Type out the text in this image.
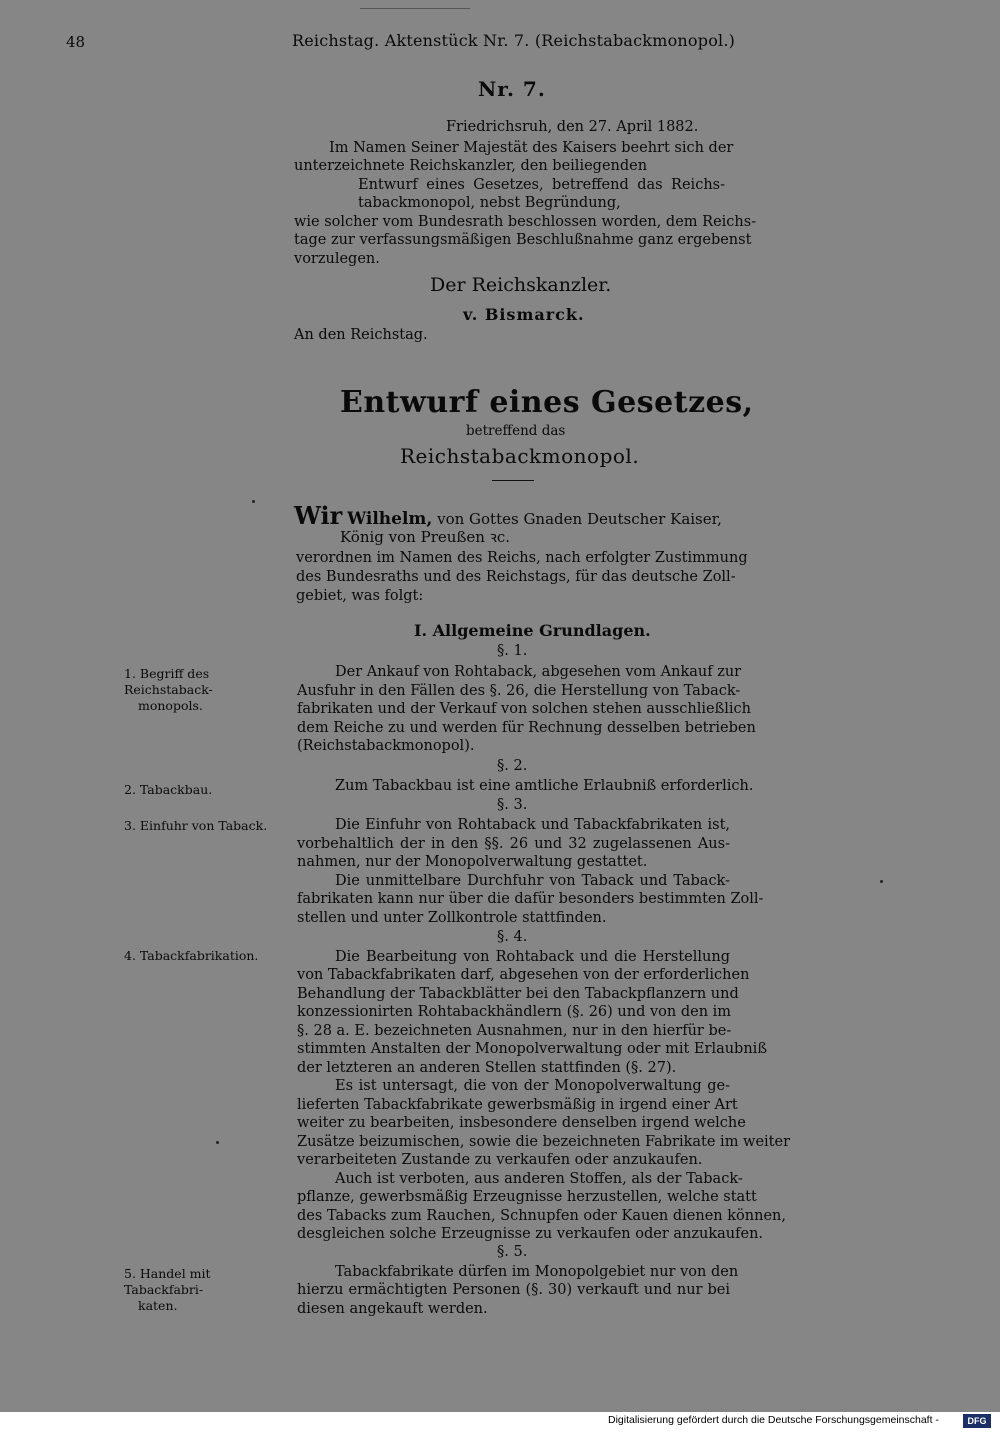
48	Reichstag. Aktenstück Nr. 7. (Reichstabackmonopol.)
Nr. 7.
Friedrichsruh, den 27. April 1882.
Im Namen Seiner Majestät des Kaisers beehrt sich der
unterzeichnete Reichskanzler, den beiliegenden
Entwurf eines Gesetzes, betreffend das Reichs-
tabackmonopol, nebst Begründung,
wie solcher vom Bundesrath beschlossen worden, dem Reichs-
tage zur verfassungsmäßigen Beschlußnahme ganz ergebenst
vorzulegen.
Der Reichskanzler.
v. Bismarck.
An den Reichstag.
Entwurf eines Gesetzes,
betreffend das
Reichstabackmonopol.
Wir Wilhelm, von Gottes Gnaden Deutscher Kaiser,
König von Preußen ꝛc.
verordnen im Namen des Reichs, nach erfolgter Zustimmung
des Bundesraths und des Reichstags, für das deutsche Zoll-
gebiet, was folgt:
I. Allgemeine Grundlagen.
§. 1.
1. Begriff des Reichstaback-
monopols.
Der Ankauf von Rohtaback, abgesehen vom Ankauf zur
Ausfuhr in den Fällen des §. 26, die Herstellung von Taback-
fabrikaten und der Verkauf von solchen stehen ausschließlich
dem Reiche zu und werden für Rechnung desselben betrieben
(Reichstabackmonopol).
§. 2.
2. Tabackbau.	Zum Tabackbau ist eine amtliche Erlaubniß erforderlich.
§. 3.
3. Einfuhr von Taback.	Die Einfuhr von Rohtaback und Tabackfabrikaten ist,
vorbehaltlich der in den §§. 26 und 32 zugelassenen Aus-
nahmen, nur der Monopolverwaltung gestattet.
Die unmittelbare Durchfuhr von Taback und Taback-
fabrikaten kann nur über die dafür besonders bestimmten Zoll-
stellen und unter Zollkontrole stattfinden.
§. 4.
4. Tabackfabrikation.	Die Bearbeitung von Rohtaback und die Herstellung
von Tabackfabrikaten darf, abgesehen von der erforderlichen
Behandlung der Tabackblätter bei den Tabackpflanzern und
konzessionirten Rohtabackhändlern (§. 26) und von den im
§. 28 a. E. bezeichneten Ausnahmen, nur in den hierfür be-
stimmten Anstalten der Monopolverwaltung oder mit Erlaubniß
der letzteren an anderen Stellen stattfinden (§. 27).
Es ist untersagt, die von der Monopolverwaltung ge-
lieferten Tabackfabrikate gewerbsmäßig in irgend einer Art
weiter zu bearbeiten, insbesondere denselben irgend welche
Zusätze beizumischen, sowie die bezeichneten Fabrikate im weiter
verarbeiteten Zustande zu verkaufen oder anzukaufen.
Auch ist verboten, aus anderen Stoffen, als der Taback-
pflanze, gewerbsmäßig Erzeugnisse herzustellen, welche statt
des Tabacks zum Rauchen, Schnupfen oder Kauen dienen können,
desgleichen solche Erzeugnisse zu verkaufen oder anzukaufen.
§. 5.
5. Handel mit Tabackfabri-
katen.
Tabackfabrikate dürfen im Monopolgebiet nur von den
hierzu ermächtigten Personen (§. 30) verkauft und nur bei
diesen angekauft werden.
Digitalisierung gefördert durch die Deutsche Forschungsgemeinschaft -	DFG
